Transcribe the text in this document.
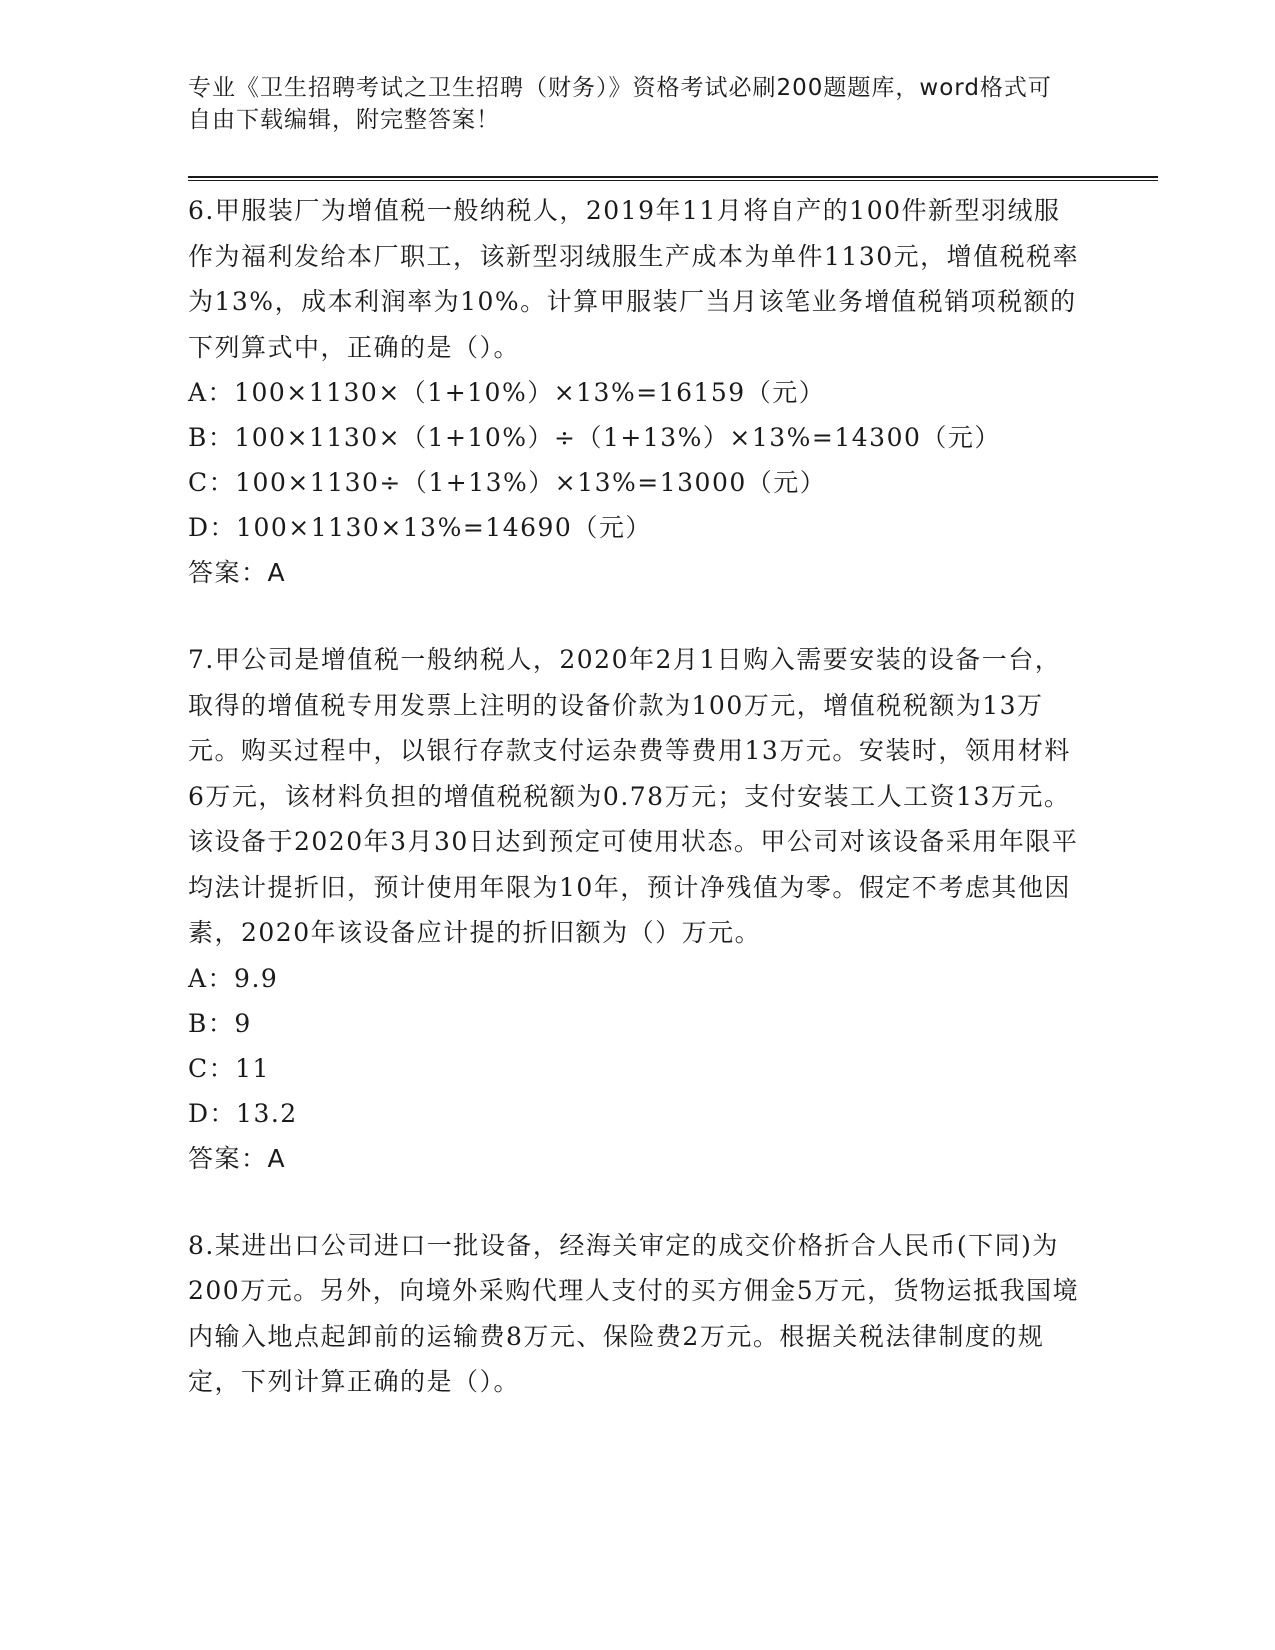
专业《卫生招聘考试之卫生招聘（财务）》资格考试必刷200题题库，word格式可自由下载编辑，附完整答案！

6.甲服装厂为增值税一般纳税人，2019年11月将自产的100件新型羽绒服作为福利发给本厂职工，该新型羽绒服生产成本为单件1130元，增值税税率为13%，成本利润率为10%。计算甲服装厂当月该笔业务增值税销项税额的下列算式中，正确的是（）。

A：100×1130×（1+10%）×13%=16159（元）
B：100×1130×（1+10%）÷（1+13%）×13%=14300（元）
C：100×1130÷（1+13%）×13%=13000（元）
D：100×1130×13%=14690（元）
答案：A

7.甲公司是增值税一般纳税人，2020年2月1日购入需要安装的设备一台，取得的增值税专用发票上注明的设备价款为100万元，增值税税额为13万元。购买过程中，以银行存款支付运杂费等费用13万元。安装时，领用材料6万元，该材料负担的增值税税额为0.78万元；支付安装工人工资13万元。该设备于2020年3月30日达到预定可使用状态。甲公司对该设备采用年限平均法计提折旧，预计使用年限为10年，预计净残值为零。假定不考虑其他因素，2020年该设备应计提的折旧额为（）万元。

A：9.9
B：9
C：11
D：13.2
答案：A

8.某进出口公司进口一批设备，经海关审定的成交价格折合人民币(下同)为200万元。另外，向境外采购代理人支付的买方佣金5万元，货物运抵我国境内输入地点起卸前的运输费8万元、保险费2万元。根据关税法律制度的规定，下列计算正确的是（）。
